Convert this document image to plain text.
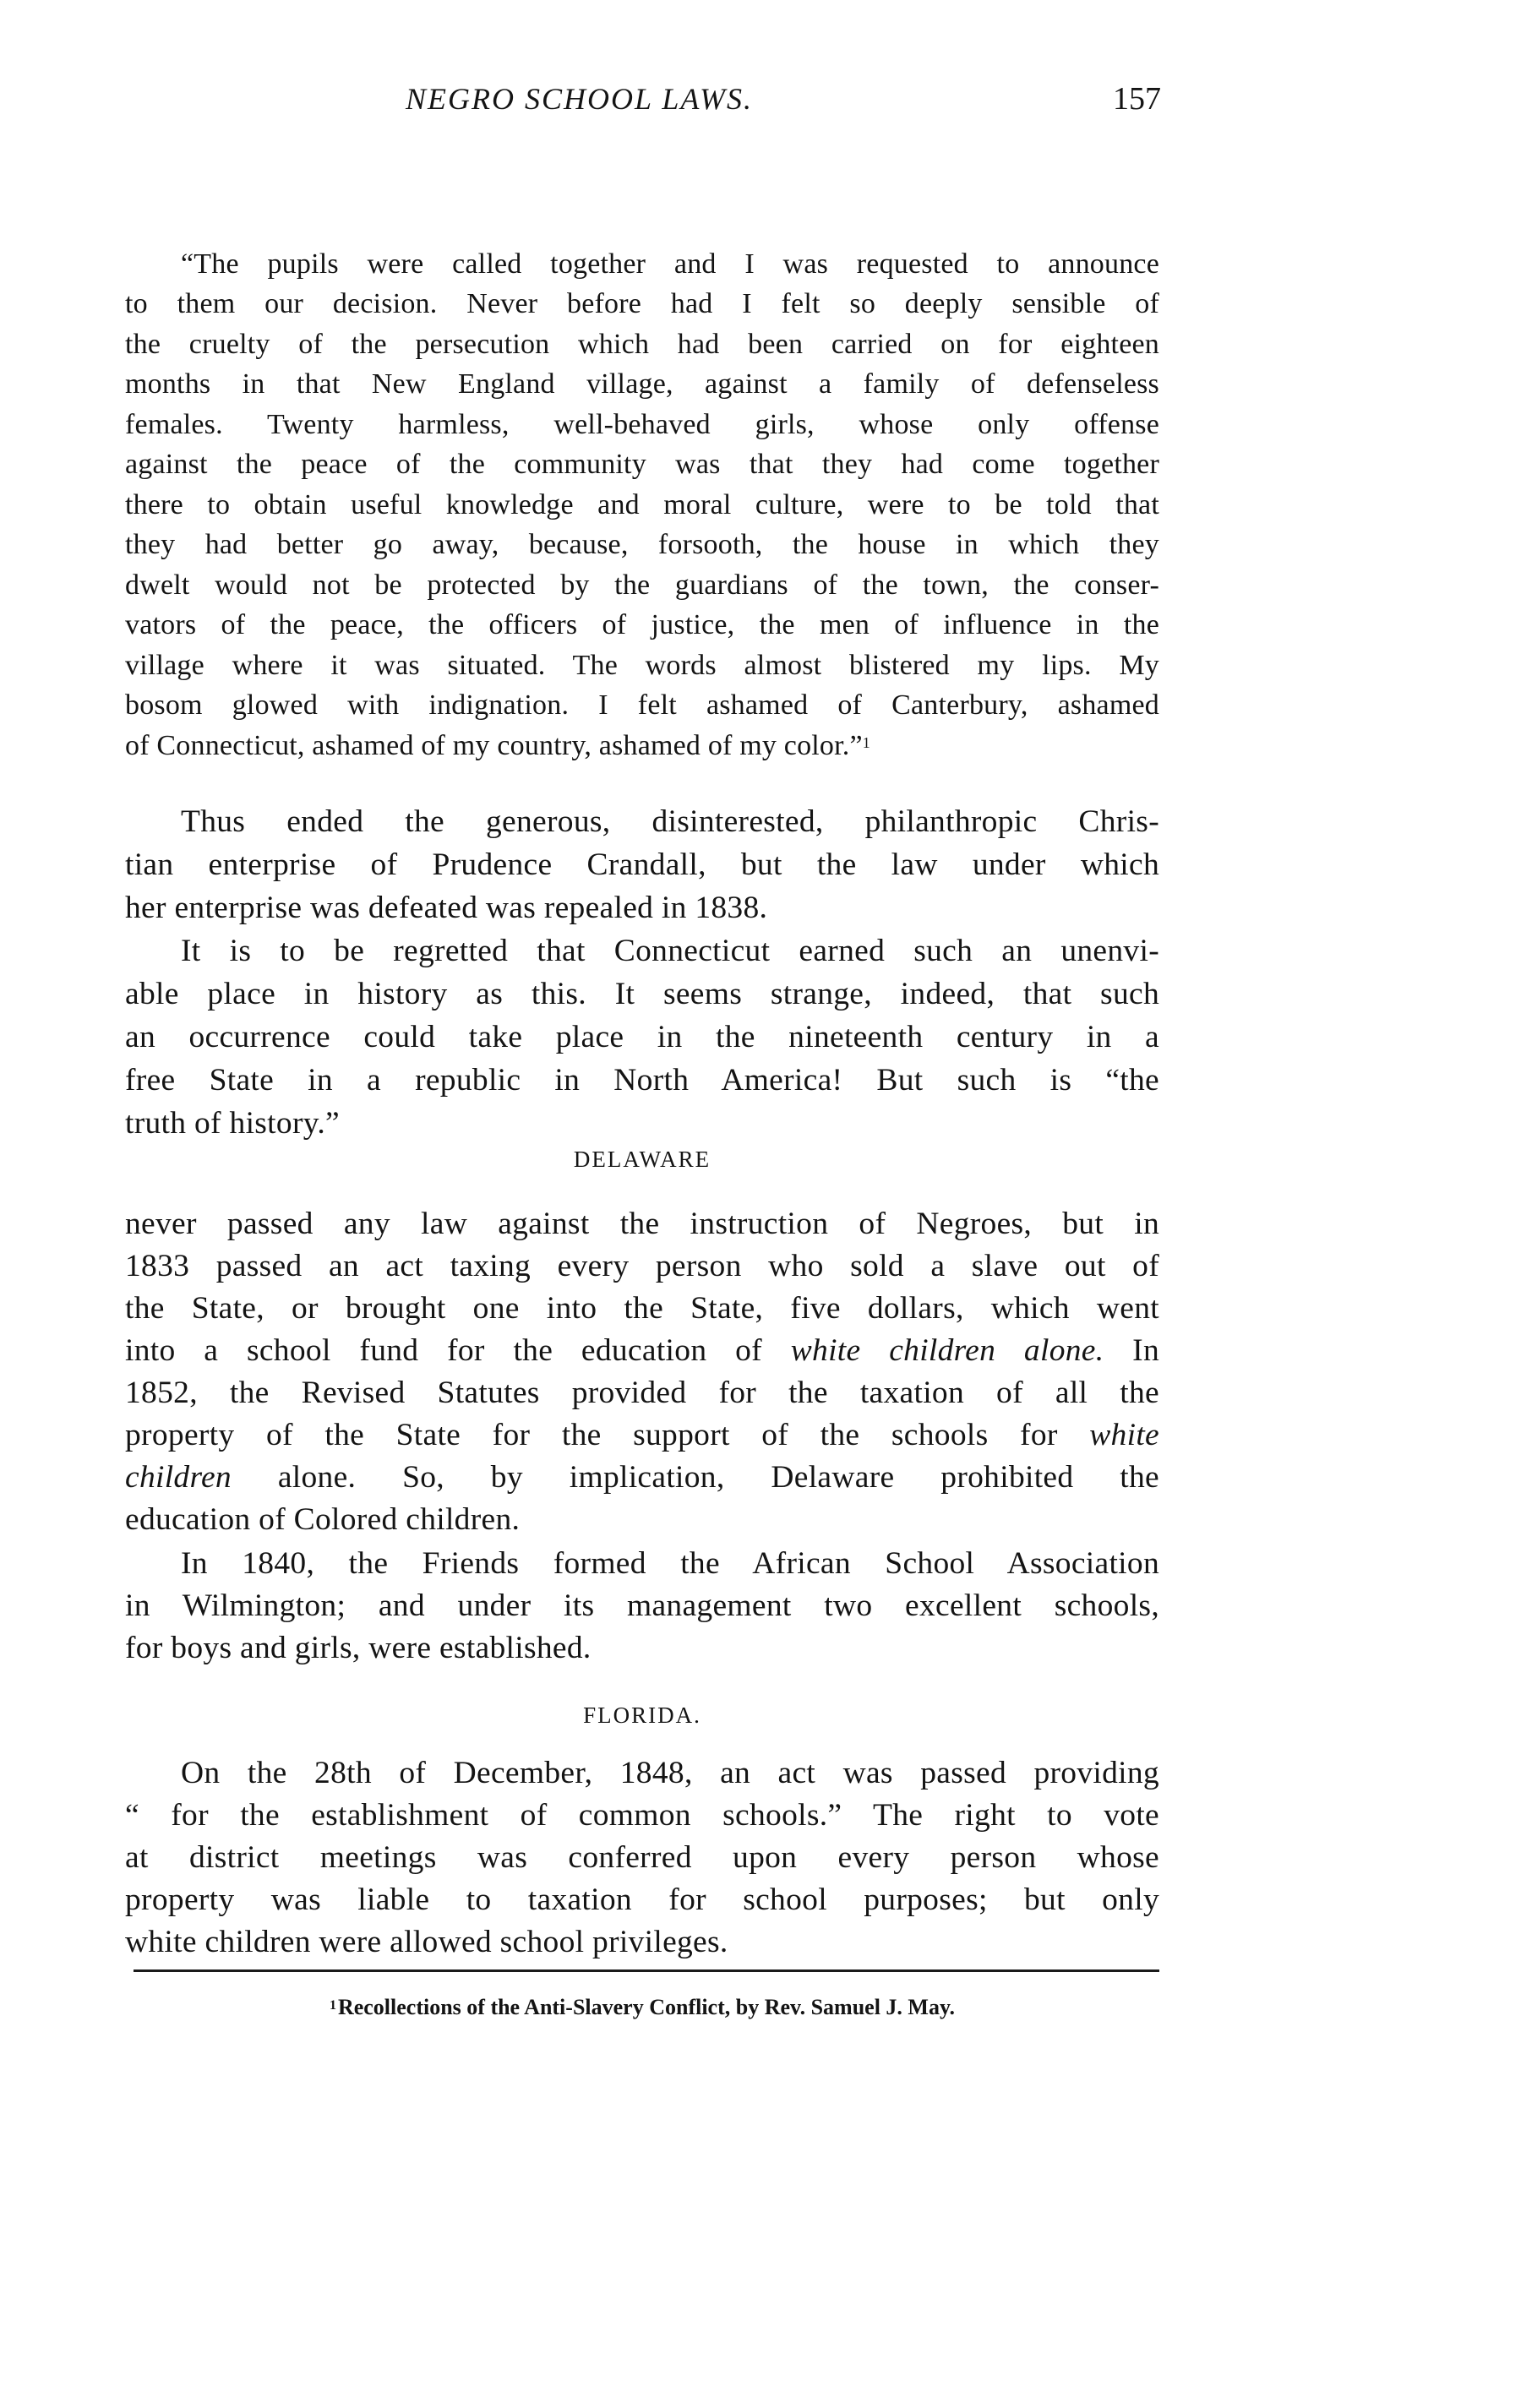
NEGRO SCHOOL LAWS.	157
“The pupils were called together and I was requested to announce
to them our decision. Never before had I felt so deeply sensible of
the cruelty of the persecution which had been carried on for eighteen
months in that New England village, against a family of defenseless
females. Twenty harmless, well-behaved girls, whose only offense
against the peace of the community was that they had come together
there to obtain useful knowledge and moral culture, were to be told that
they had better go away, because, forsooth, the house in which they
dwelt would not be protected by the guardians of the town, the conser-
vators of the peace, the officers of justice, the men of influence in the
village where it was situated. The words almost blistered my lips. My
bosom glowed with indignation. I felt ashamed of Canterbury, ashamed
of Connecticut, ashamed of my country, ashamed of my color.”$^1$
Thus ended the generous, disinterested, philanthropic Chris-
tian enterprise of Prudence Crandall, but the law under which
her enterprise was defeated was repealed in 1838.
It is to be regretted that Connecticut earned such an unenvi-
able place in history as this. It seems strange, indeed, that such
an occurrence could take place in the nineteenth century in a
free State in a republic in North America! But such is “the
truth of history.”
DELAWARE
never passed any law against the instruction of Negroes, but in
1833 passed an act taxing every person who sold a slave out of
the State, or brought one into the State, five dollars, which went
into a school fund for the education of white children alone. In
1852, the Revised Statutes provided for the taxation of all the
property of the State for the support of the schools for white
children alone. So, by implication, Delaware prohibited the
education of Colored children.
In 1840, the Friends formed the African School Association
in Wilmington; and under its management two excellent schools,
for boys and girls, were established.
FLORIDA.
On the 28th of December, 1848, an act was passed providing
“ for the establishment of common schools.” The right to vote
at district meetings was conferred upon every person whose
property was liable to taxation for school purposes; but only
white children were allowed school privileges.
$^1$Recollections of the Anti-Slavery Conflict, by Rev. Samuel J. May.
